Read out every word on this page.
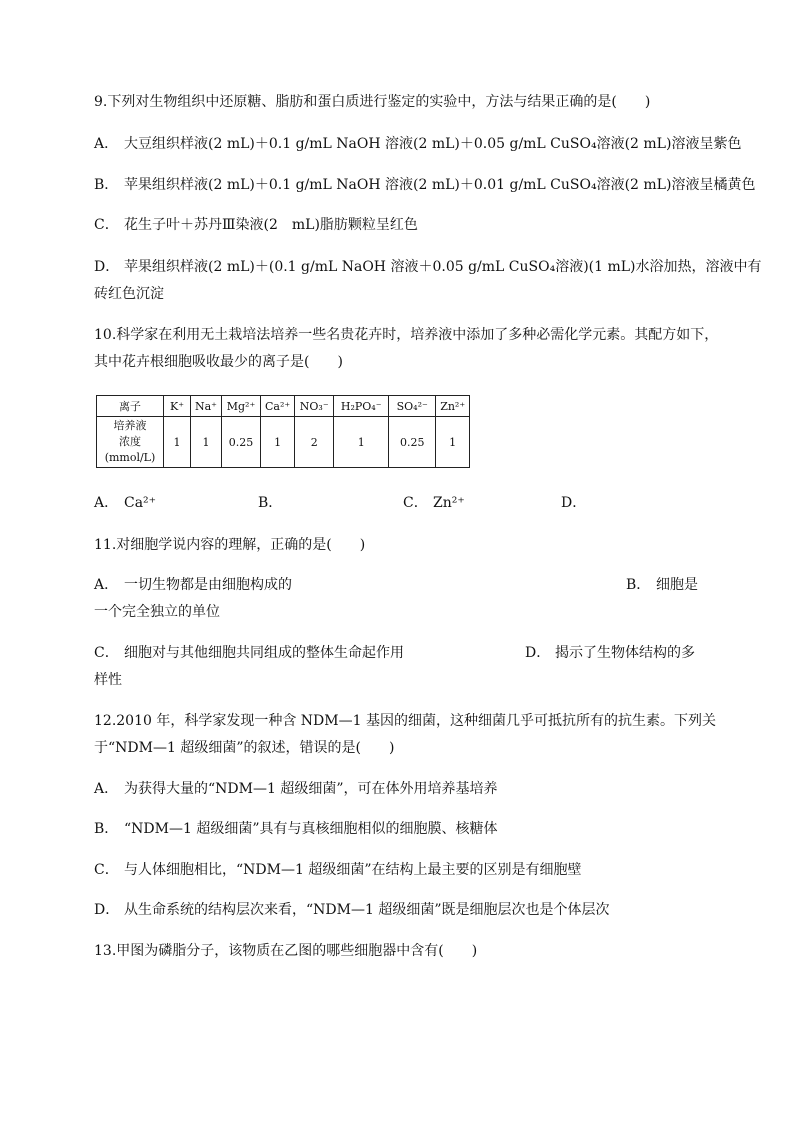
9.下列对生物组织中还原糖、脂肪和蛋白质进行鉴定的实验中，方法与结果正确的是(　　)
A． 大豆组织样液(2 mL)＋0.1 g/mL NaOH 溶液(2 mL)＋0.05 g/mL CuSO₄溶液(2 mL)溶液呈紫色
B． 苹果组织样液(2 mL)＋0.1 g/mL NaOH 溶液(2 mL)＋0.01 g/mL CuSO₄溶液(2 mL)溶液呈橘黄色
C． 花生子叶＋苏丹Ⅲ染液(2　mL)脂肪颗粒呈红色
D． 苹果组织样液(2 mL)＋(0.1 g/mL NaOH 溶液＋0.05 g/mL CuSO₄溶液)(1 mL)水浴加热，溶液中有
砖红色沉淀
10.科学家在利用无土栽培法培养一些名贵花卉时，培养液中添加了多种必需化学元素。其配方如下，
其中花卉根细胞吸收最少的离子是(　　)
离子	K⁺	Na⁺	Mg²⁺	Ca²⁺	NO₃⁻	H₂PO₄⁻	SO₄²⁻	Zn²⁺

培养液
浓度
(mmol/L)	1	1	0.25	1	2	1	0.25	1
A． Ca²⁺	B．	C． Zn²⁺	D．
11.对细胞学说内容的理解，正确的是(　　)
A． 一切生物都是由细胞构成的	B． 细胞是
一个完全独立的单位
C． 细胞对与其他细胞共同组成的整体生命起作用	D． 揭示了生物体结构的多
样性
12.2010 年，科学家发现一种含 NDM—1 基因的细菌，这种细菌几乎可抵抗所有的抗生素。下列关
于“NDM—1 超级细菌”的叙述，错误的是(　　)
A． 为获得大量的“NDM—1 超级细菌”，可在体外用培养基培养
B． “NDM—1 超级细菌”具有与真核细胞相似的细胞膜、核糖体
C． 与人体细胞相比，“NDM—1 超级细菌”在结构上最主要的区别是有细胞壁
D． 从生命系统的结构层次来看，“NDM—1 超级细菌”既是细胞层次也是个体层次
13.甲图为磷脂分子，该物质在乙图的哪些细胞器中含有(　　)
